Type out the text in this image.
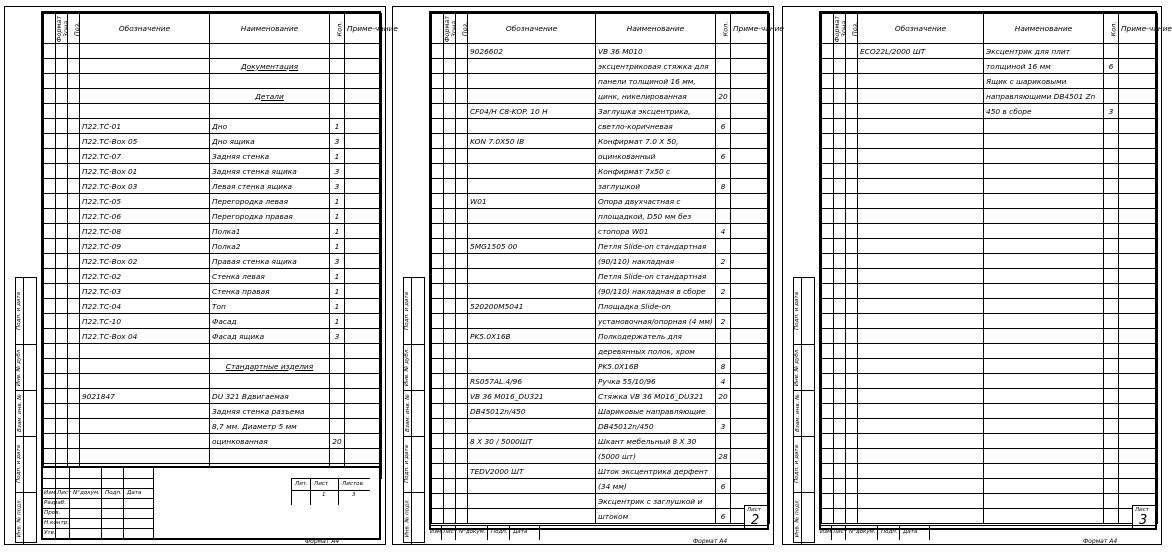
Подп. и дата
Инв. № дубл.
Взам. инв. №
Подп. и дата
Инв. № подл.
Формат	Зона	Поз.	Обозначение	Наименование	Кол.	Приме-чание

				Документация		

				Детали		

			П22.ТС-01	Дно	1	
			П22.ТС-Вох 05	Дно ящика	3	
			П22.ТС-07	Задняя стенка	1	
			П22.ТС-Вох 01	Задняя стенка ящика	3	
			П22.ТС-Вох 03	Левая стенка ящика	3	
			П22.ТС-05	Перегородка левая	1	
			П22.ТС-06	Перегородка правая	1	
			П22.ТС-08	Полка1	1	
			П22.ТС-09	Полка2	1	
			П22.ТС-Вох 02	Правая стенка ящика	3	
			П22.ТС-02	Стенка левая	1	
			П22.ТС-03	Стенка правая	1	
			П22.ТС-04	Топ	1	
			П22.ТС-10	Фасад	1	
			П22.ТС-Вох 04	Фасад ящика	3	

				Стандартные изделия		

			9021847	DU 321 Вдвигаемая		
				Задняя стенка разъема		
				8,7 мм. Диаметр 5 мм		
				оцинкованная	20	

Изм. Лист N°докум. Подп. Дата
Разраб.
Пров.
Н.контр.
Утв.
Лит. Лист Листов
1	3
Формат А4
Подп. и дата
Инв. № дубл.
Взам. инв. №
Подп. и дата
Инв. № подл.
Формат	Зона	Поз.	Обозначение	Наименование	Кол.	Приме-чание
			9026602	VB 36 M010		
				эксцентриковая стяжка для		
				панели толщиной 16 мм,		
				цинк, никелированная	20	
			CF04/H C8-KOP. 10 H	Заглушка эксцентрика,		
				светло-коричневая	6	
			KON 7.0X50 IB	Конфирмат 7.0 X 50,		
				оцинкованный	6	
				Конфирмат 7x50 с		
				заглушкой	8	
			W01	Опора двухчастная с		
				площадкой, D50 мм без		
				стопора W01	4	
			5MG1505 00	Петля Slide-on стандартная		
				(90/110) накладная	2	
				Петля Slide-on стандартная		
				(90/110) накладная в сборе	2	
			520200M5041	Площадка Slide-on		
				установочная/опорная (4 мм)	2	
			PK5.0X16B	Полкодержатель для		
				деревянных полок, хром		
				PK5.0X16B	8	
			RS057AL.4/96	Ручка 55/10/96	4	
			VB 36 M016_DU321	Стяжка VB 36 M016_DU321	20	
			DB45012n/450	Шариковые направляющие		
				DB45012n/450	3	
			8 X 30 / 5000ШТ	Шкант мебельный 8 X 30		
				(5000 шт)	28	
			TEDV2000 ШТ	Шток эксцентрика дерфент		
				(34 мм)	6	
				Эксцентрик с заглушкой и		
				штоком	6	
Лист
2
Изм. Лист N°докум. Подп. Дата
Формат А4
Подп. и дата
Инв. № дубл.
Взам. инв. №
Подп. и дата
Инв. № подл.
Формат	Зона	Поз.	Обозначение	Наименование	Кол.	Приме-чание
			ECO22L/2000 ШТ	Эксцентрик для плит		
				толщиной 16 мм	6	
				Ящик с шариковыми		
				направляющими DB4501 Zn		
				450 в сборе	3	

Лист
3
Изм. Лист N°докум. Подп. Дата
Формат А4
